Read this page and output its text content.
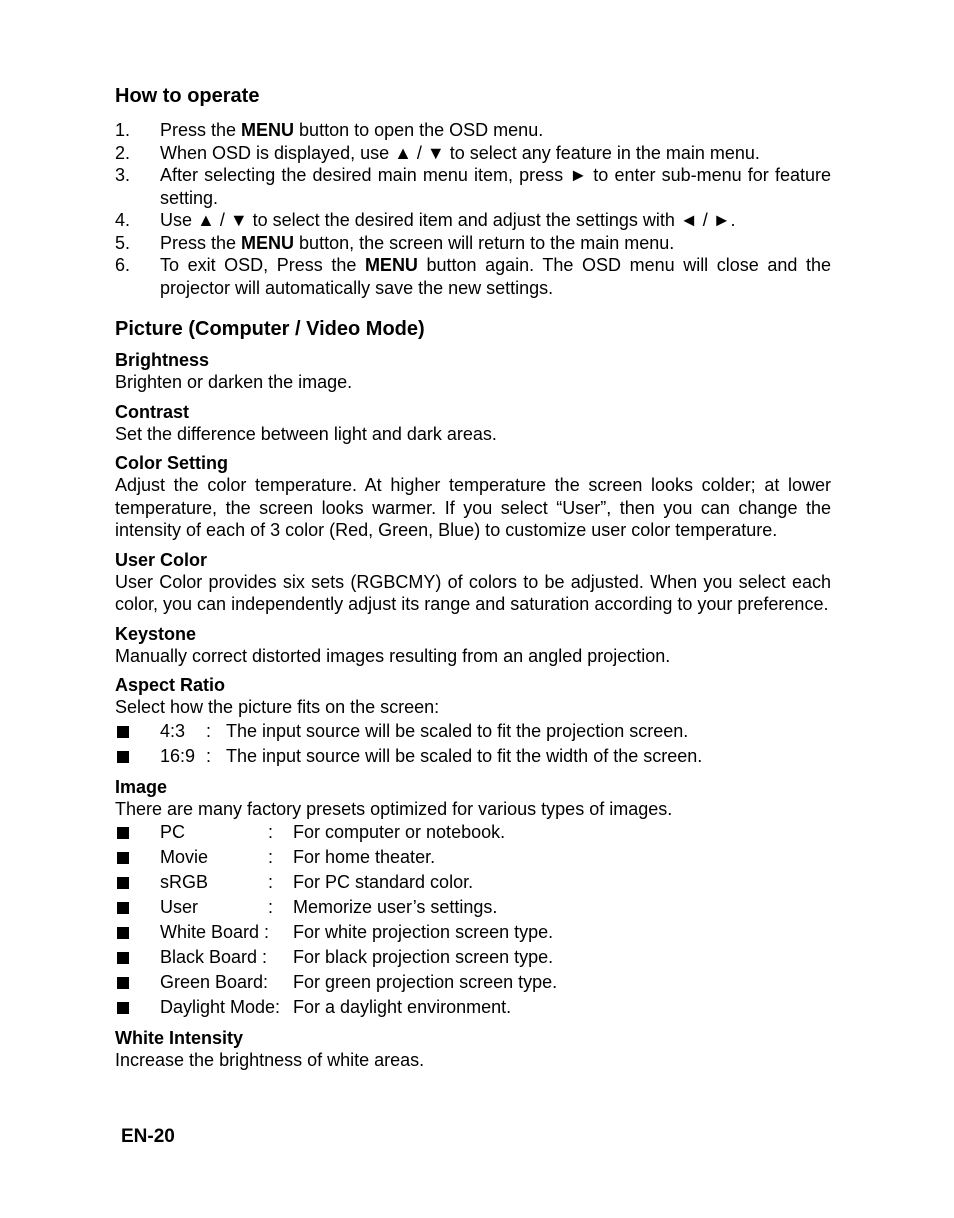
How to operate
1. Press the MENU button to open the OSD menu.
2. When OSD is displayed, use ▲ / ▼ to select any feature in the main menu.
3. After selecting the desired main menu item, press ► to enter sub-menu for feature setting.
4. Use ▲ / ▼ to select the desired item and adjust the settings with ◄ / ►.
5. Press the MENU button, the screen will return to the main menu.
6. To exit OSD, Press the MENU button again. The OSD menu will close and the projector will automatically save the new settings.
Picture (Computer / Video Mode)
Brightness

Brighten or darken the image.

Contrast

Set the difference between light and dark areas.

Color Setting

Adjust the color temperature. At higher temperature the screen looks colder; at lower temperature, the screen looks warmer. If you select “User”, then you can change the intensity of each of 3 color (Red, Green, Blue) to customize user color temperature.

User Color

User Color provides six sets (RGBCMY) of colors to be adjusted. When you select each color, you can independently adjust its range and saturation according to your preference.

Keystone

Manually correct distorted images resulting from an angled projection.

Aspect Ratio

Select how the picture fits on the screen:

4:3 : The input source will be scaled to fit the projection screen.
16:9 : The input source will be scaled to fit the width of the screen.
Image

There are many factory presets optimized for various types of images.

PC	: For computer or notebook.
Movie	: For home theater.
sRGB	: For PC standard color.
User	: Memorize user’s settings.
White Board : For white projection screen type.
Black Board : For black projection screen type.
Green Board: For green projection screen type.
Daylight Mode: For a daylight environment.
White Intensity

Increase the brightness of white areas.

EN-20
